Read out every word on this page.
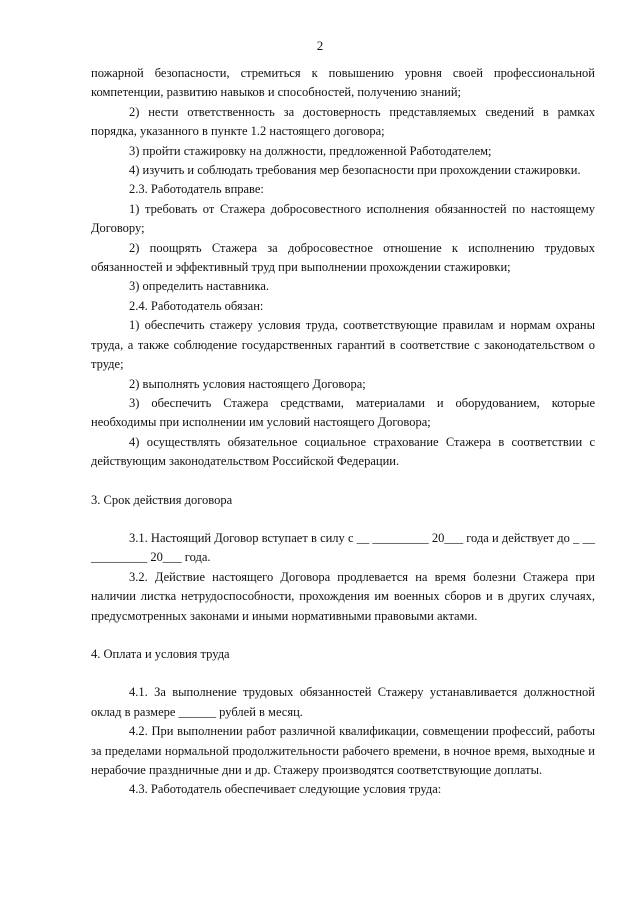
2

пожарной безопасности, стремиться к повышению уровня своей профессиональной компетенции, развитию навыков и способностей, получению знаний;

2) нести ответственность за достоверность представляемых сведений в рамках порядка, указанного в пункте 1.2 настоящего договора;

3) пройти стажировку на должности, предложенной Работодателем;

4) изучить и соблюдать требования мер безопасности при прохождении стажировки.

2.3. Работодатель вправе:

1) требовать от Стажера добросовестного исполнения обязанностей по настоящему Договору;

2) поощрять Стажера за добросовестное отношение к исполнению трудовых обязанностей и эффективный труд при выполнении прохождении стажировки;

3) определить наставника.

2.4. Работодатель обязан:

1) обеспечить стажеру условия труда, соответствующие правилам и нормам охраны труда, а также соблюдение государственных гарантий в соответствие с законодательством о труде;

2) выполнять условия настоящего Договора;

3) обеспечить Стажера средствами, материалами и оборудованием, которые необходимы при исполнении им условий настоящего Договора;

4) осуществлять обязательное социальное страхование Стажера в соответствии с действующим законодательством Российской Федерации.

3. Срок действия договора

3.1. Настоящий Договор вступает в силу с __ _________ 20___ года и действует до _ __ _________ 20___ года.

3.2. Действие настоящего Договора продлевается на время болезни Стажера при наличии листка нетрудоспособности, прохождения им военных сборов и в других случаях, предусмотренных законами и иными нормативными правовыми актами.

4. Оплата и условия труда

4.1. За выполнение трудовых обязанностей Стажеру устанавливается должностной оклад в размере ______ рублей в месяц.

4.2. При выполнении работ различной квалификации, совмещении профессий, работы за пределами нормальной продолжительности рабочего времени, в ночное время, выходные и нерабочие праздничные дни и др. Стажеру производятся соответствующие доплаты.

4.3. Работодатель обеспечивает следующие условия труда:
